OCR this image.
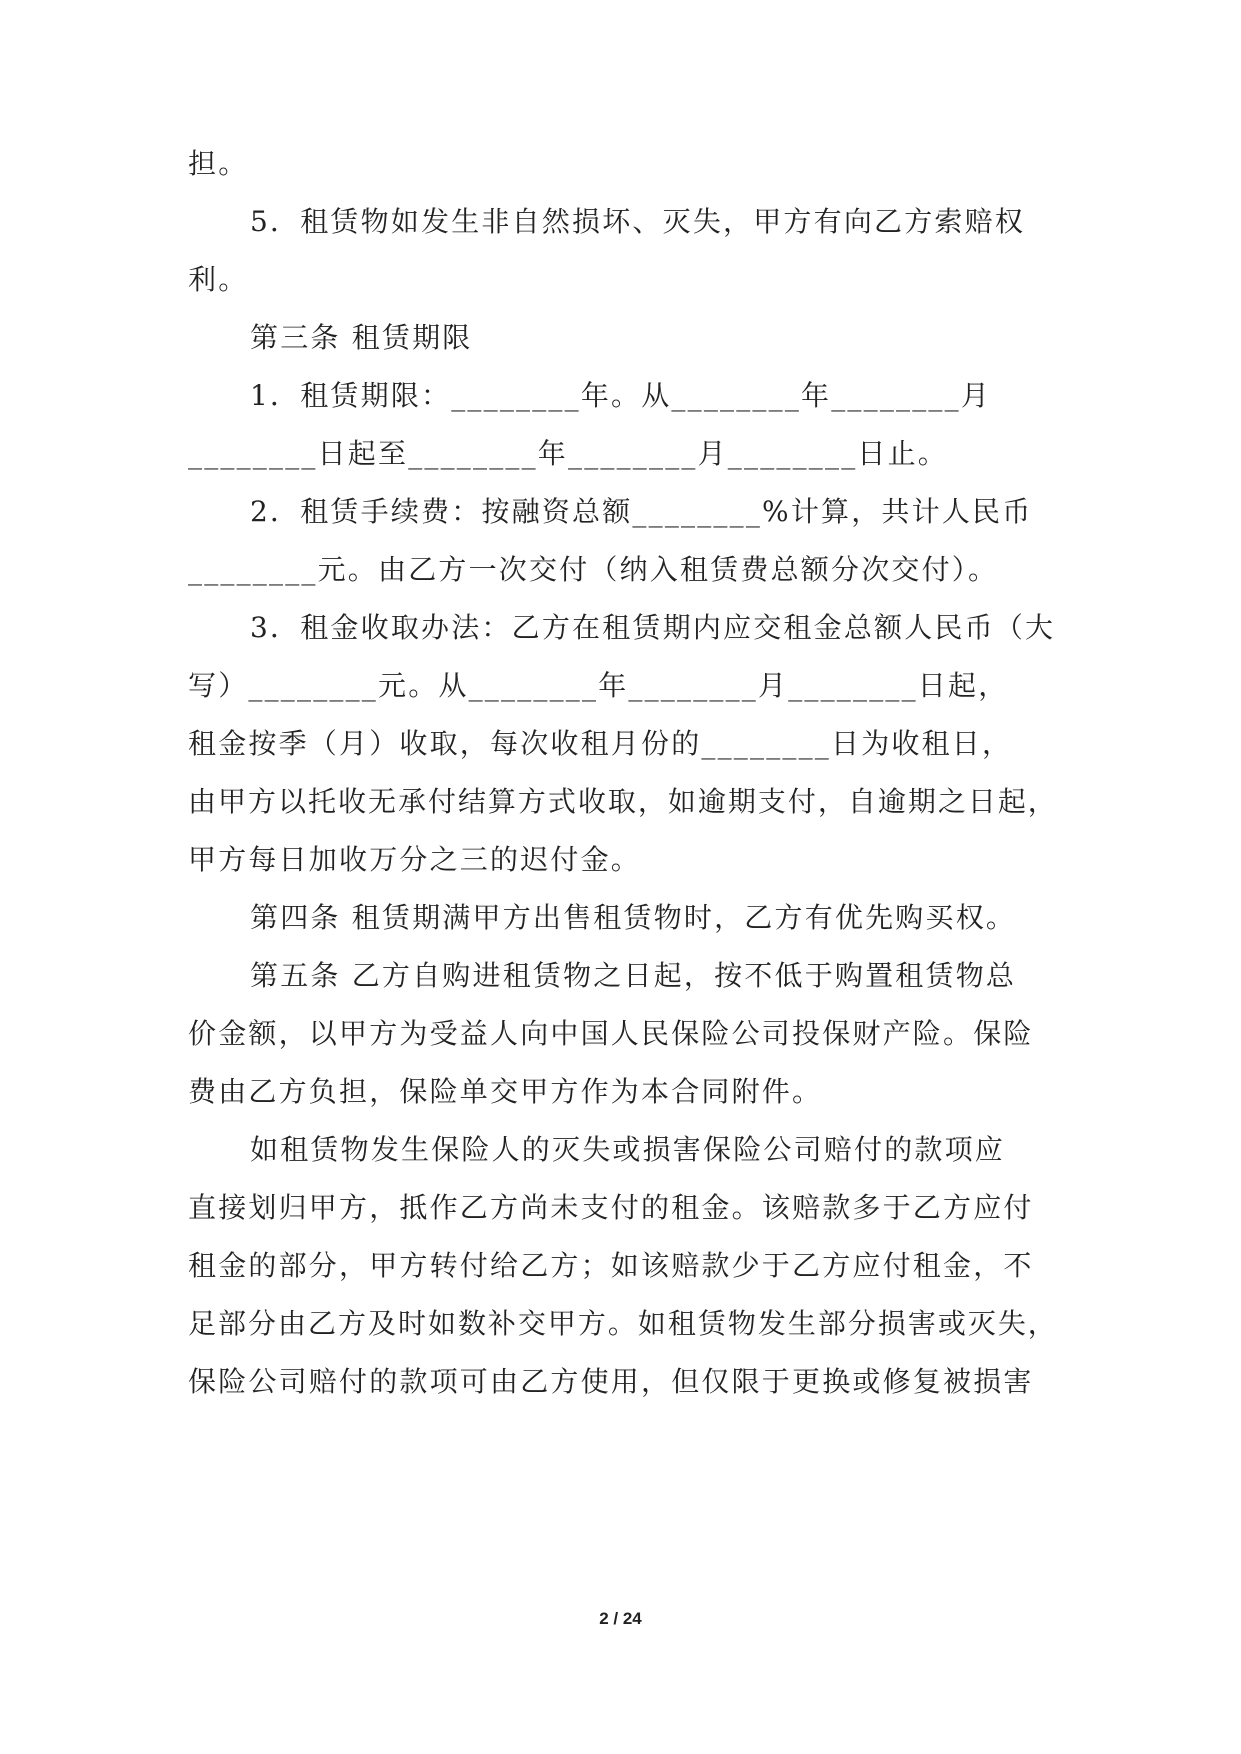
担。
5．租赁物如发生非自然损坏、灭失，甲方有向乙方索赔权
利。
第三条 租赁期限
1．租赁期限：________年。从________年________月
________日起至________年________月________日止。
2．租赁手续费：按融资总额________%计算，共计人民币
________元。由乙方一次交付（纳入租赁费总额分次交付）。
3．租金收取办法：乙方在租赁期内应交租金总额人民币（大
写）________元。从________年________月________日起，
租金按季（月）收取，每次收租月份的________日为收租日，
由甲方以托收无承付结算方式收取，如逾期支付，自逾期之日起，
甲方每日加收万分之三的迟付金。
第四条 租赁期满甲方出售租赁物时，乙方有优先购买权。
第五条 乙方自购进租赁物之日起，按不低于购置租赁物总
价金额，以甲方为受益人向中国人民保险公司投保财产险。保险
费由乙方负担，保险单交甲方作为本合同附件。
如租赁物发生保险人的灭失或损害保险公司赔付的款项应
直接划归甲方，抵作乙方尚未支付的租金。该赔款多于乙方应付
租金的部分，甲方转付给乙方；如该赔款少于乙方应付租金，不
足部分由乙方及时如数补交甲方。如租赁物发生部分损害或灭失，
保险公司赔付的款项可由乙方使用，但仅限于更换或修复被损害
2 / 24
